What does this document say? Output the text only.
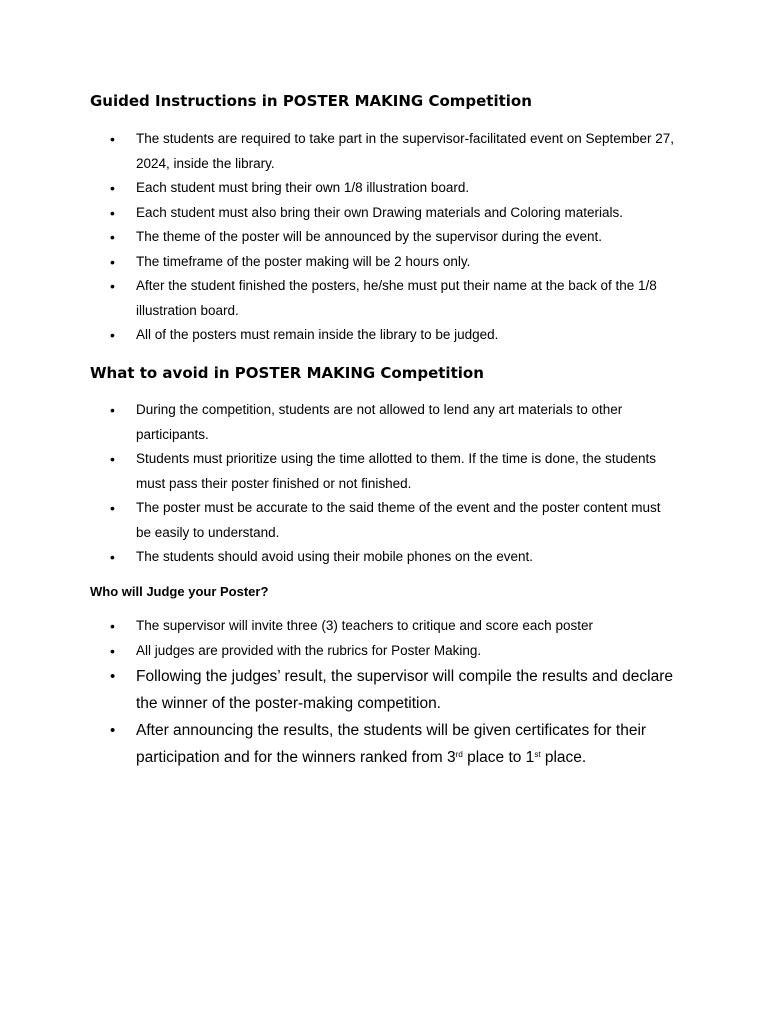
Guided Instructions in POSTER MAKING Competition
• The students are required to take part in the supervisor-facilitated event on September 27, 2024, inside the library.
• Each student must bring their own 1/8 illustration board.
• Each student must also bring their own Drawing materials and Coloring materials.
• The theme of the poster will be announced by the supervisor during the event.
• The timeframe of the poster making will be 2 hours only.
• After the student finished the posters, he/she must put their name at the back of the 1/8 illustration board.
• All of the posters must remain inside the library to be judged.
What to avoid in POSTER MAKING Competition
• During the competition, students are not allowed to lend any art materials to other participants.
• Students must prioritize using the time allotted to them. If the time is done, the students must pass their poster finished or not finished.
• The poster must be accurate to the said theme of the event and the poster content must be easily to understand.
• The students should avoid using their mobile phones on the event.
Who will Judge your Poster?
• The supervisor will invite three (3) teachers to critique and score each poster
• All judges are provided with the rubrics for Poster Making.
• Following the judges’ result, the supervisor will compile the results and declare the winner of the poster-making competition.
• After announcing the results, the students will be given certificates for their participation and for the winners ranked from 3rd place to 1st place.
